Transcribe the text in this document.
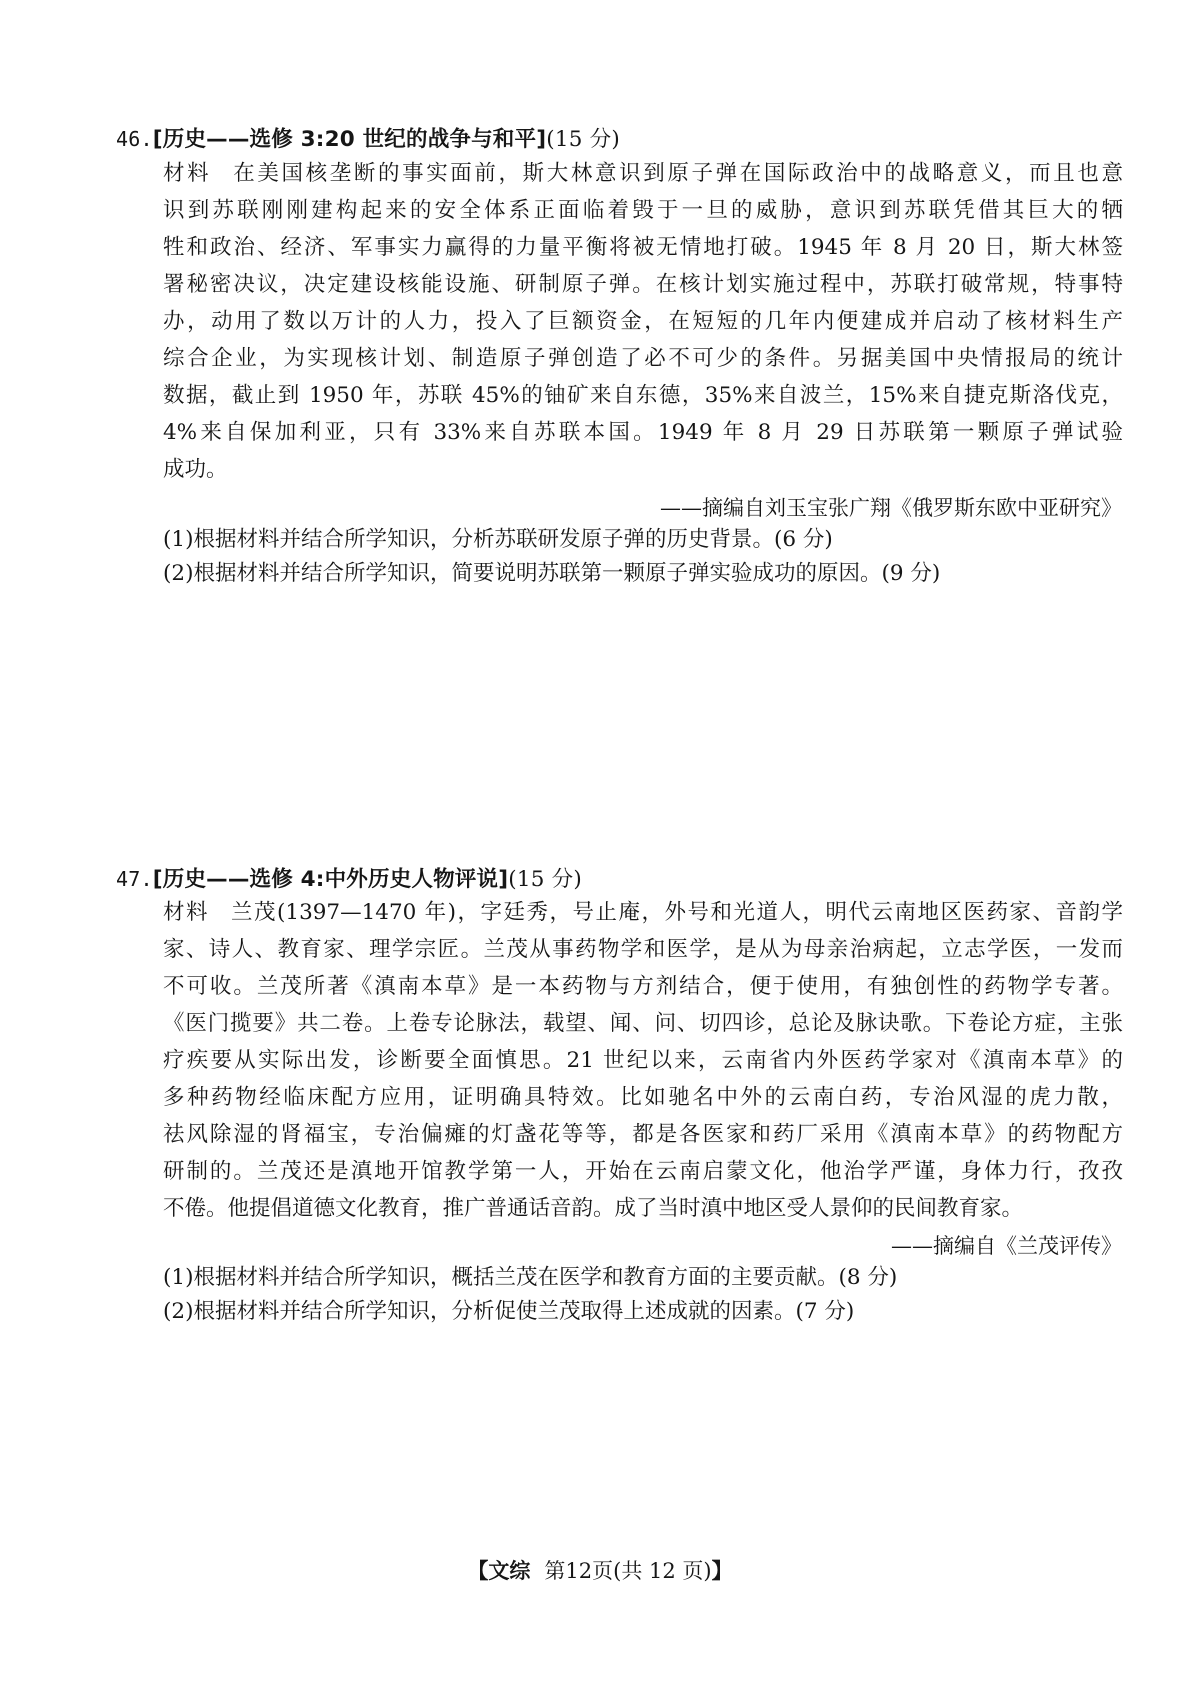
46.[历史——选修 3:20 世纪的战争与和平](15 分)
材料 在美国核垄断的事实面前，斯大林意识到原子弹在国际政治中的战略意义，而且也意
识到苏联刚刚建构起来的安全体系正面临着毁于一旦的威胁，意识到苏联凭借其巨大的牺
牲和政治、经济、军事实力赢得的力量平衡将被无情地打破。1945 年 8 月 20 日，斯大林签
署秘密决议，决定建设核能设施、研制原子弹。在核计划实施过程中，苏联打破常规，特事特
办，动用了数以万计的人力，投入了巨额资金，在短短的几年内便建成并启动了核材料生产
综合企业，为实现核计划、制造原子弹创造了必不可少的条件。另据美国中央情报局的统计
数据，截止到 1950 年，苏联 45%的铀矿来自东德，35%来自波兰，15%来自捷克斯洛伐克，
4%来自保加利亚，只有 33%来自苏联本国。1949 年 8 月 29 日苏联第一颗原子弹试验
成功。
——摘编自刘玉宝张广翔《俄罗斯东欧中亚研究》
(1)根据材料并结合所学知识，分析苏联研发原子弹的历史背景。(6 分)
(2)根据材料并结合所学知识，简要说明苏联第一颗原子弹实验成功的原因。(9 分)
47.[历史——选修 4:中外历史人物评说](15 分)
材料 兰茂(1397—1470 年)，字廷秀，号止庵，外号和光道人，明代云南地区医药家、音韵学
家、诗人、教育家、理学宗匠。兰茂从事药物学和医学，是从为母亲治病起，立志学医，一发而
不可收。兰茂所著《滇南本草》是一本药物与方剂结合，便于使用，有独创性的药物学专著。
《医门揽要》共二卷。上卷专论脉法，载望、闻、问、切四诊，总论及脉诀歌。下卷论方症，主张
疗疾要从实际出发，诊断要全面慎思。21 世纪以来，云南省内外医药学家对《滇南本草》的
多种药物经临床配方应用，证明确具特效。比如驰名中外的云南白药，专治风湿的虎力散，
祛风除湿的肾福宝，专治偏瘫的灯盏花等等，都是各医家和药厂采用《滇南本草》的药物配方
研制的。兰茂还是滇地开馆教学第一人，开始在云南启蒙文化，他治学严谨，身体力行，孜孜
不倦。他提倡道德文化教育，推广普通话音韵。成了当时滇中地区受人景仰的民间教育家。
——摘编自《兰茂评传》
(1)根据材料并结合所学知识，概括兰茂在医学和教育方面的主要贡献。(8 分)
(2)根据材料并结合所学知识，分析促使兰茂取得上述成就的因素。(7 分)
【文综 第12页(共 12 页)】
